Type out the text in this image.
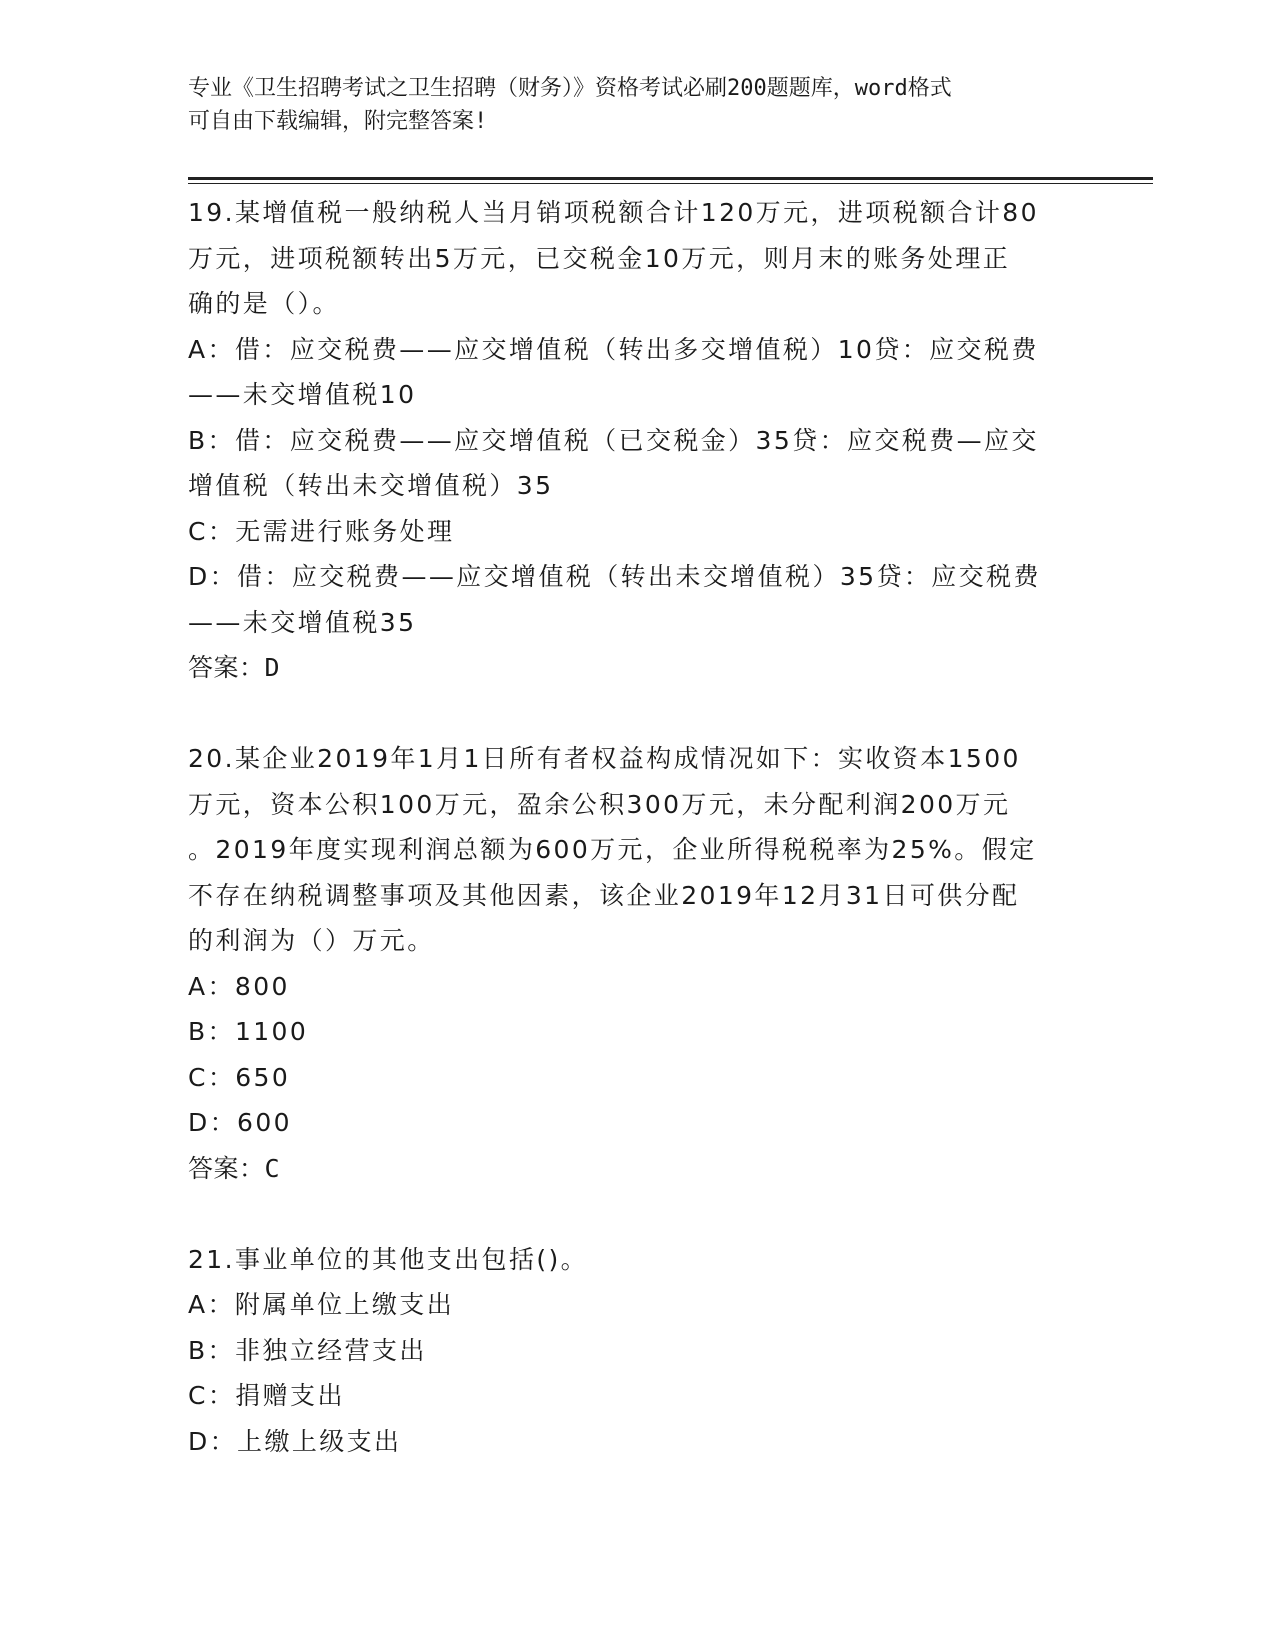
专业《卫生招聘考试之卫生招聘（财务）》资格考试必刷200题题库，word格式
可自由下载编辑，附完整答案!

19.某增值税一般纳税人当月销项税额合计120万元，进项税额合计80

万元，进项税额转出5万元，已交税金10万元，则月末的账务处理正

确的是（）。

A：借：应交税费——应交增值税（转出多交增值税）10贷：应交税费

——未交增值税10

B：借：应交税费——应交增值税（已交税金）35贷：应交税费—应交

增值税（转出未交增值税）35

C：无需进行账务处理

D：借：应交税费——应交增值税（转出未交增值税）35贷：应交税费

——未交增值税35

答案：D

20.某企业2019年1月1日所有者权益构成情况如下：实收资本1500

万元，资本公积100万元，盈余公积300万元，未分配利润200万元

。2019年度实现利润总额为600万元，企业所得税税率为25%。假定

不存在纳税调整事项及其他因素，该企业2019年12月31日可供分配

的利润为（）万元。

A：800

B：1100

C：650

D：600

答案：C

21.事业单位的其他支出包括()。

A：附属单位上缴支出

B：非独立经营支出

C：捐赠支出

D：上缴上级支出
